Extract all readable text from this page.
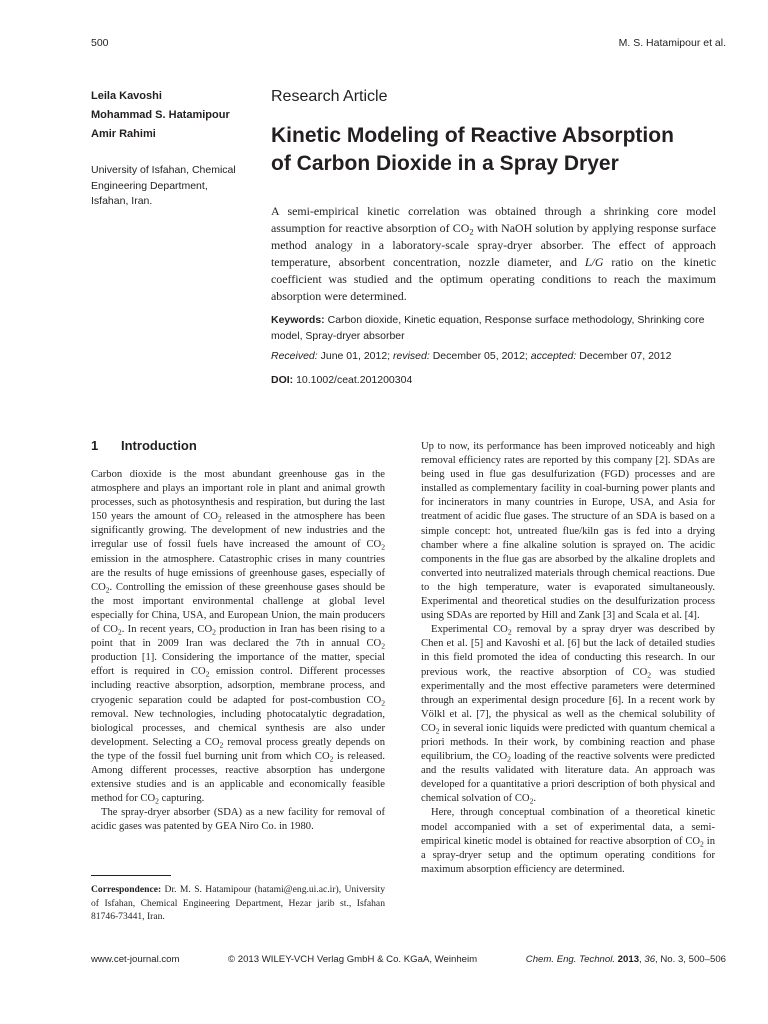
500	M. S. Hatamipour et al.
Leila Kavoshi
Mohammad S. Hatamipour
Amir Rahimi
University of Isfahan, Chemical
Engineering Department,
Isfahan, Iran.
Research Article
Kinetic Modeling of Reactive Absorption
of Carbon Dioxide in a Spray Dryer
A semi-empirical kinetic correlation was obtained through a shrinking core model assumption for reactive absorption of $CO_2$ with NaOH solution by applying response surface method analogy in a laboratory-scale spray-dryer absorber. The effect of approach temperature, absorbent concentration, nozzle diameter, and L/G ratio on the kinetic coefficient was studied and the optimum operating conditions to reach the maximum absorption were determined.
Keywords: Carbon dioxide, Kinetic equation, Response surface methodology, Shrinking core model, Spray-dryer absorber
Received: June 01, 2012; revised: December 05, 2012; accepted: December 07, 2012
DOI: 10.1002/ceat.201200304
1 Introduction

Carbon dioxide is the most abundant greenhouse gas in the atmosphere and plays an important role in plant and animal growth processes, such as photosynthesis and respiration, but during the last 150 years the amount of $CO_2$ released in the atmosphere has been significantly growing. The development of new industries and the irregular use of fossil fuels have increased the amount of $CO_2$ emission in the atmosphere. Catastrophic crises in many countries are the results of huge emissions of greenhouse gases, especially of $CO_2$. Controlling the emission of these greenhouse gases should be the most important environmental challenge at global level especially for China, USA, and European Union, the main producers of $CO_2$. In recent years, $CO_2$ production in Iran has been rising to a point that in 2009 Iran was declared the 7th in annual $CO_2$ production [1]. Considering the importance of the matter, special effort is required in $CO_2$ emission control. Different processes including reactive absorption, adsorption, membrane process, and cryogenic separation could be adapted for post-combustion $CO_2$ removal. New technologies, including photocatalytic degradation, biological processes, and chemical synthesis are also under development. Selecting a $CO_2$ removal process greatly depends on the type of the fossil fuel burning unit from which $CO_2$ is released. Among different processes, reactive absorption has undergone extensive studies and is an applicable and economically feasible method for $CO_2$ capturing.

The spray-dryer absorber (SDA) as a new facility for removal of acidic gases was patented by GEA Niro Co. in 1980.

Up to now, its performance has been improved noticeably and high removal efficiency rates are reported by this company [2]. SDAs are being used in flue gas desulfurization (FGD) processes and are installed as complementary facility in coal-burning power plants and for incinerators in many countries in Europe, USA, and Asia for treatment of acidic flue gases. The structure of an SDA is based on a simple concept: hot, untreated flue/kiln gas is fed into a drying chamber where a fine alkaline solution is sprayed on. The acidic components in the flue gas are absorbed by the alkaline droplets and converted into neutralized materials through chemical reactions. Due to the high temperature, water is evaporated simultaneously. Experimental and theoretical studies on the desulfurization process using SDAs are reported by Hill and Zank [3] and Scala et al. [4].

Experimental $CO_2$ removal by a spray dryer was described by Chen et al. [5] and Kavoshi et al. [6] but the lack of detailed studies in this field promoted the idea of conducting this research. In our previous work, the reactive absorption of $CO_2$ was studied experimentally and the most effective parameters were determined through an experimental design procedure [6]. In a recent work by Völkl et al. [7], the physical as well as the chemical solubility of $CO_2$ in several ionic liquids were predicted with quantum chemical a priori methods. In their work, by combining reaction and phase equilibrium, the $CO_2$ loading of the reactive solvents were predicted and the results validated with literature data. An approach was developed for a quantitative a priori description of both physical and chemical solvation of $CO_2$.

Here, through conceptual combination of a theoretical kinetic model accompanied with a set of experimental data, a semi-empirical kinetic model is obtained for reactive absorption of $CO_2$ in a spray-dryer setup and the optimum operating conditions for maximum absorption efficiency are determined.

Correspondence: Dr. M. S. Hatamipour (hatami@eng.ui.ac.ir), University of Isfahan, Chemical Engineering Department, Hezar jarib st., Isfahan 81746-73441, Iran.
www.cet-journal.com	© 2013 WILEY-VCH Verlag GmbH & Co. KGaA, Weinheim	Chem. Eng. Technol. 2013, 36, No. 3, 500–506
